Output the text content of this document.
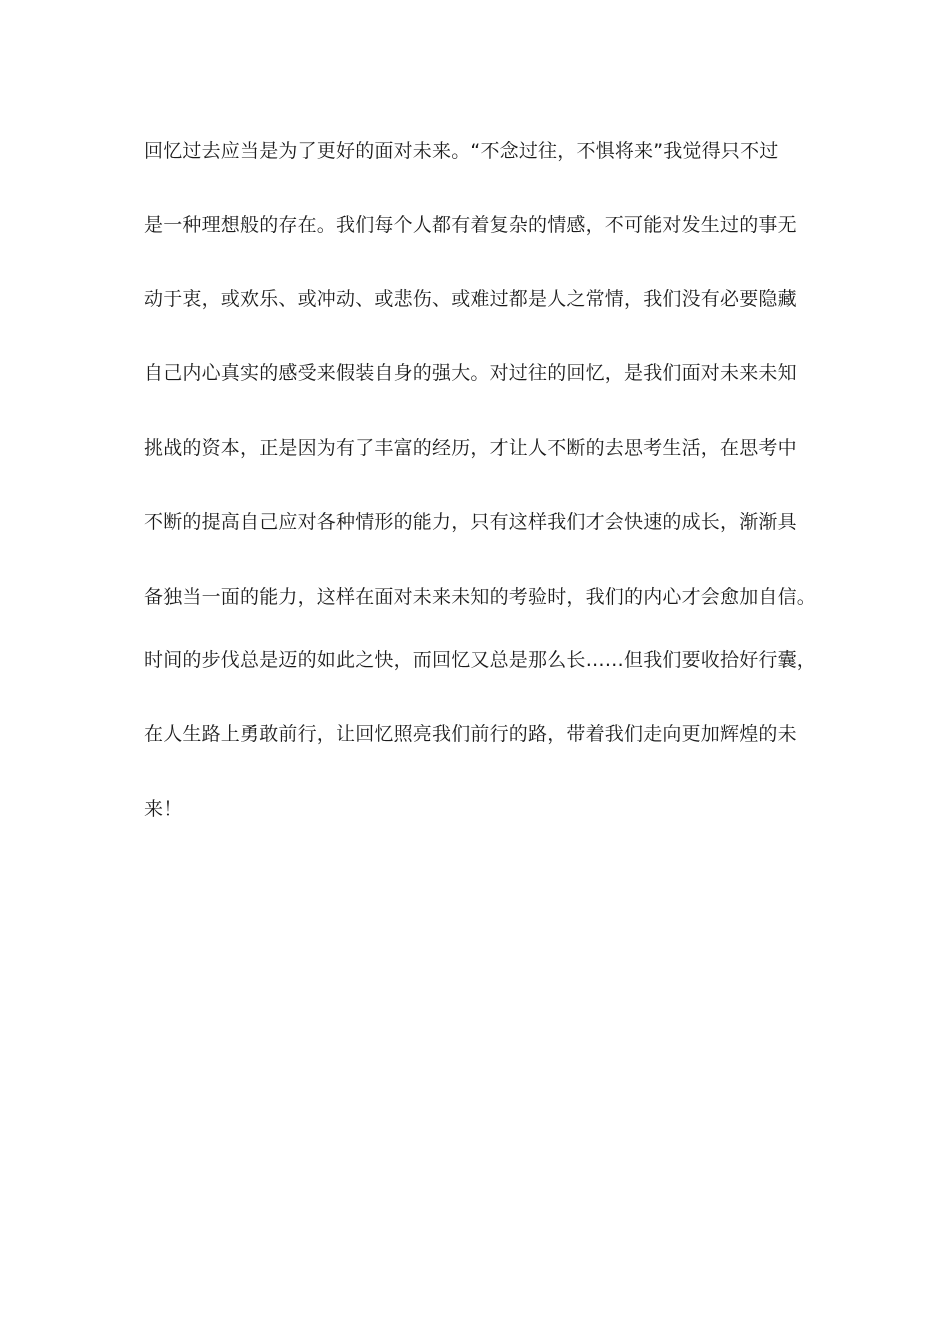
回忆过去应当是为了更好的面对未来。“不念过往，不惧将来”我觉得只不过
是一种理想般的存在。我们每个人都有着复杂的情感，不可能对发生过的事无
动于衷，或欢乐、或冲动、或悲伤、或难过都是人之常情，我们没有必要隐藏
自己内心真实的感受来假装自身的强大。对过往的回忆，是我们面对未来未知
挑战的资本，正是因为有了丰富的经历，才让人不断的去思考生活，在思考中
不断的提高自己应对各种情形的能力，只有这样我们才会快速的成长，渐渐具
备独当一面的能力，这样在面对未来未知的考验时，我们的内心才会愈加自信。
时间的步伐总是迈的如此之快，而回忆又总是那么长……但我们要收拾好行囊，
在人生路上勇敢前行，让回忆照亮我们前行的路，带着我们走向更加辉煌的未
来！
